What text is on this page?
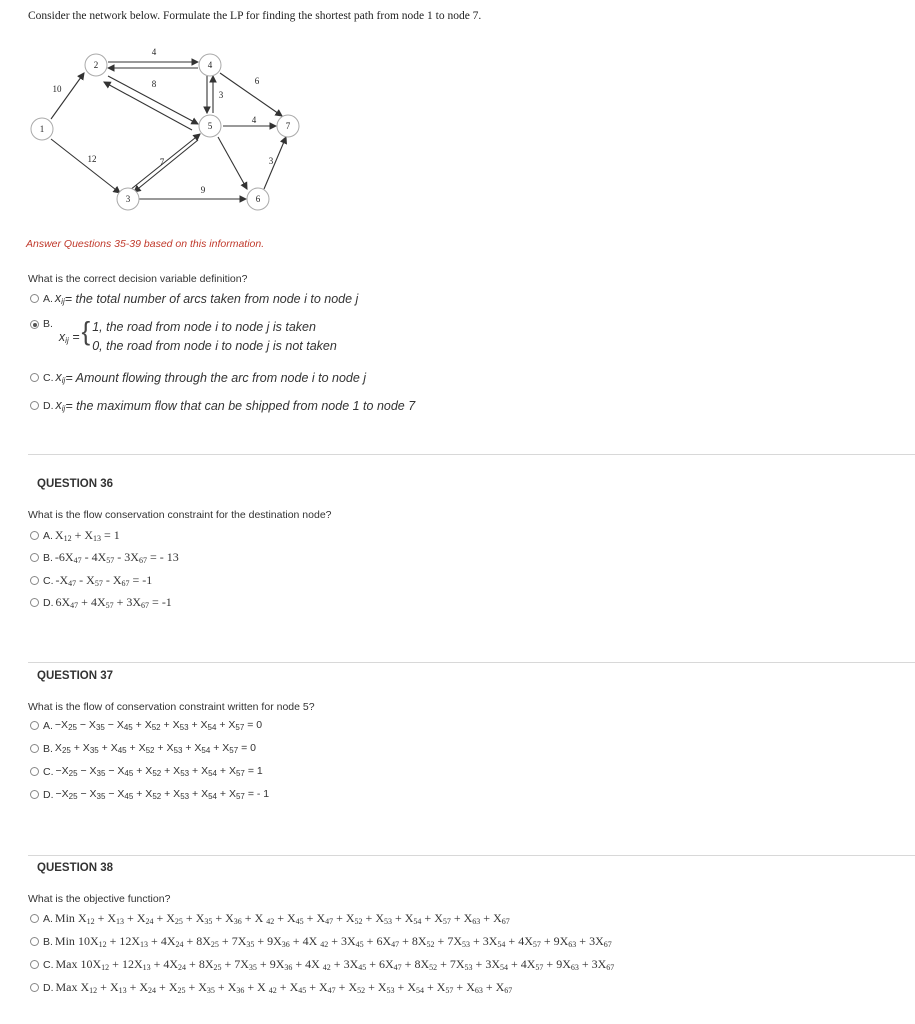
Consider the network below. Formulate the LP for finding the shortest path from node 1 to node 7.
1
2
3
4
5
6
7
10
12
4
8
3
7
4
6
9
3
Answer Questions 35-39 based on this information.
What is the correct decision variable definition?
A. $x_{ij}$ = the total number of arcs taken from node i to node j
B.
$x_{ij}$ = { 1, the road from node i to node j is taken
0, the road from node i to node j is not taken
C. $x_{ij}$ = Amount flowing through the arc from node i to node j
D. $x_{ij}$ = the maximum flow that can be shipped from node 1 to node 7
QUESTION 36
What is the flow conservation constraint for the destination node?
A. $X_{12} + X_{13} = 1$
B. $-6X_{47} - 4X_{57} - 3X_{67}$ = - 13
C. $-X_{47} - X_{57} - X_{67} = -1$
D. $6X_{47} + 4X_{57} + 3X_{67} = -1$
QUESTION 37
What is the flow of conservation constraint written for node 5?
A. $-X_{25} - X_{35} - X_{45} + X_{52} + X_{53} + X_{54} + X_{57} = 0$
B. $X_{25} + X_{35} + X_{45} + X_{52} + X_{53} + X_{54} + X_{57} = 0$
C. $-X_{25} - X_{35} - X_{45} + X_{52} + X_{53} + X_{54} + X_{57} = 1$
D. $-X_{25} - X_{35} - X_{45} + X_{52} + X_{53} + X_{54} + X_{57}$ = - 1
QUESTION 38
What is the objective function?
A. Min $X_{12} + X_{13} + X_{24} + X_{25} + X_{35} + X_{36} + X$ $_{42} + X_{45} + X_{47} + X_{52} + X_{53} + X_{54} + X_{57} + X_{63} + X_{67}$
B. Min $10X_{12} + 12X_{13} + 4X_{24} + 8X_{25} + 7X_{35} + 9X_{36} + 4X$ $_{42} + 3X_{45} + 6X_{47} + 8X_{52} + 7X_{53} + 3X_{54} + 4X_{57} + 9X_{63} + 3X_{67}$
C. Max $10X_{12} + 12X_{13} + 4X_{24} + 8X_{25} + 7X_{35} + 9X_{36} + 4X$ $_{42} + 3X_{45} + 6X_{47} + 8X_{52} + 7X_{53} + 3X_{54} + 4X_{57} + 9X_{63} + 3X_{67}$
D. Max $X_{12} + X_{13} + X_{24} + X_{25} + X_{35} + X_{36} + X$ $_{42} + X_{45} + X_{47} + X_{52} + X_{53} + X_{54} + X_{57} + X_{63} + X_{67}$
